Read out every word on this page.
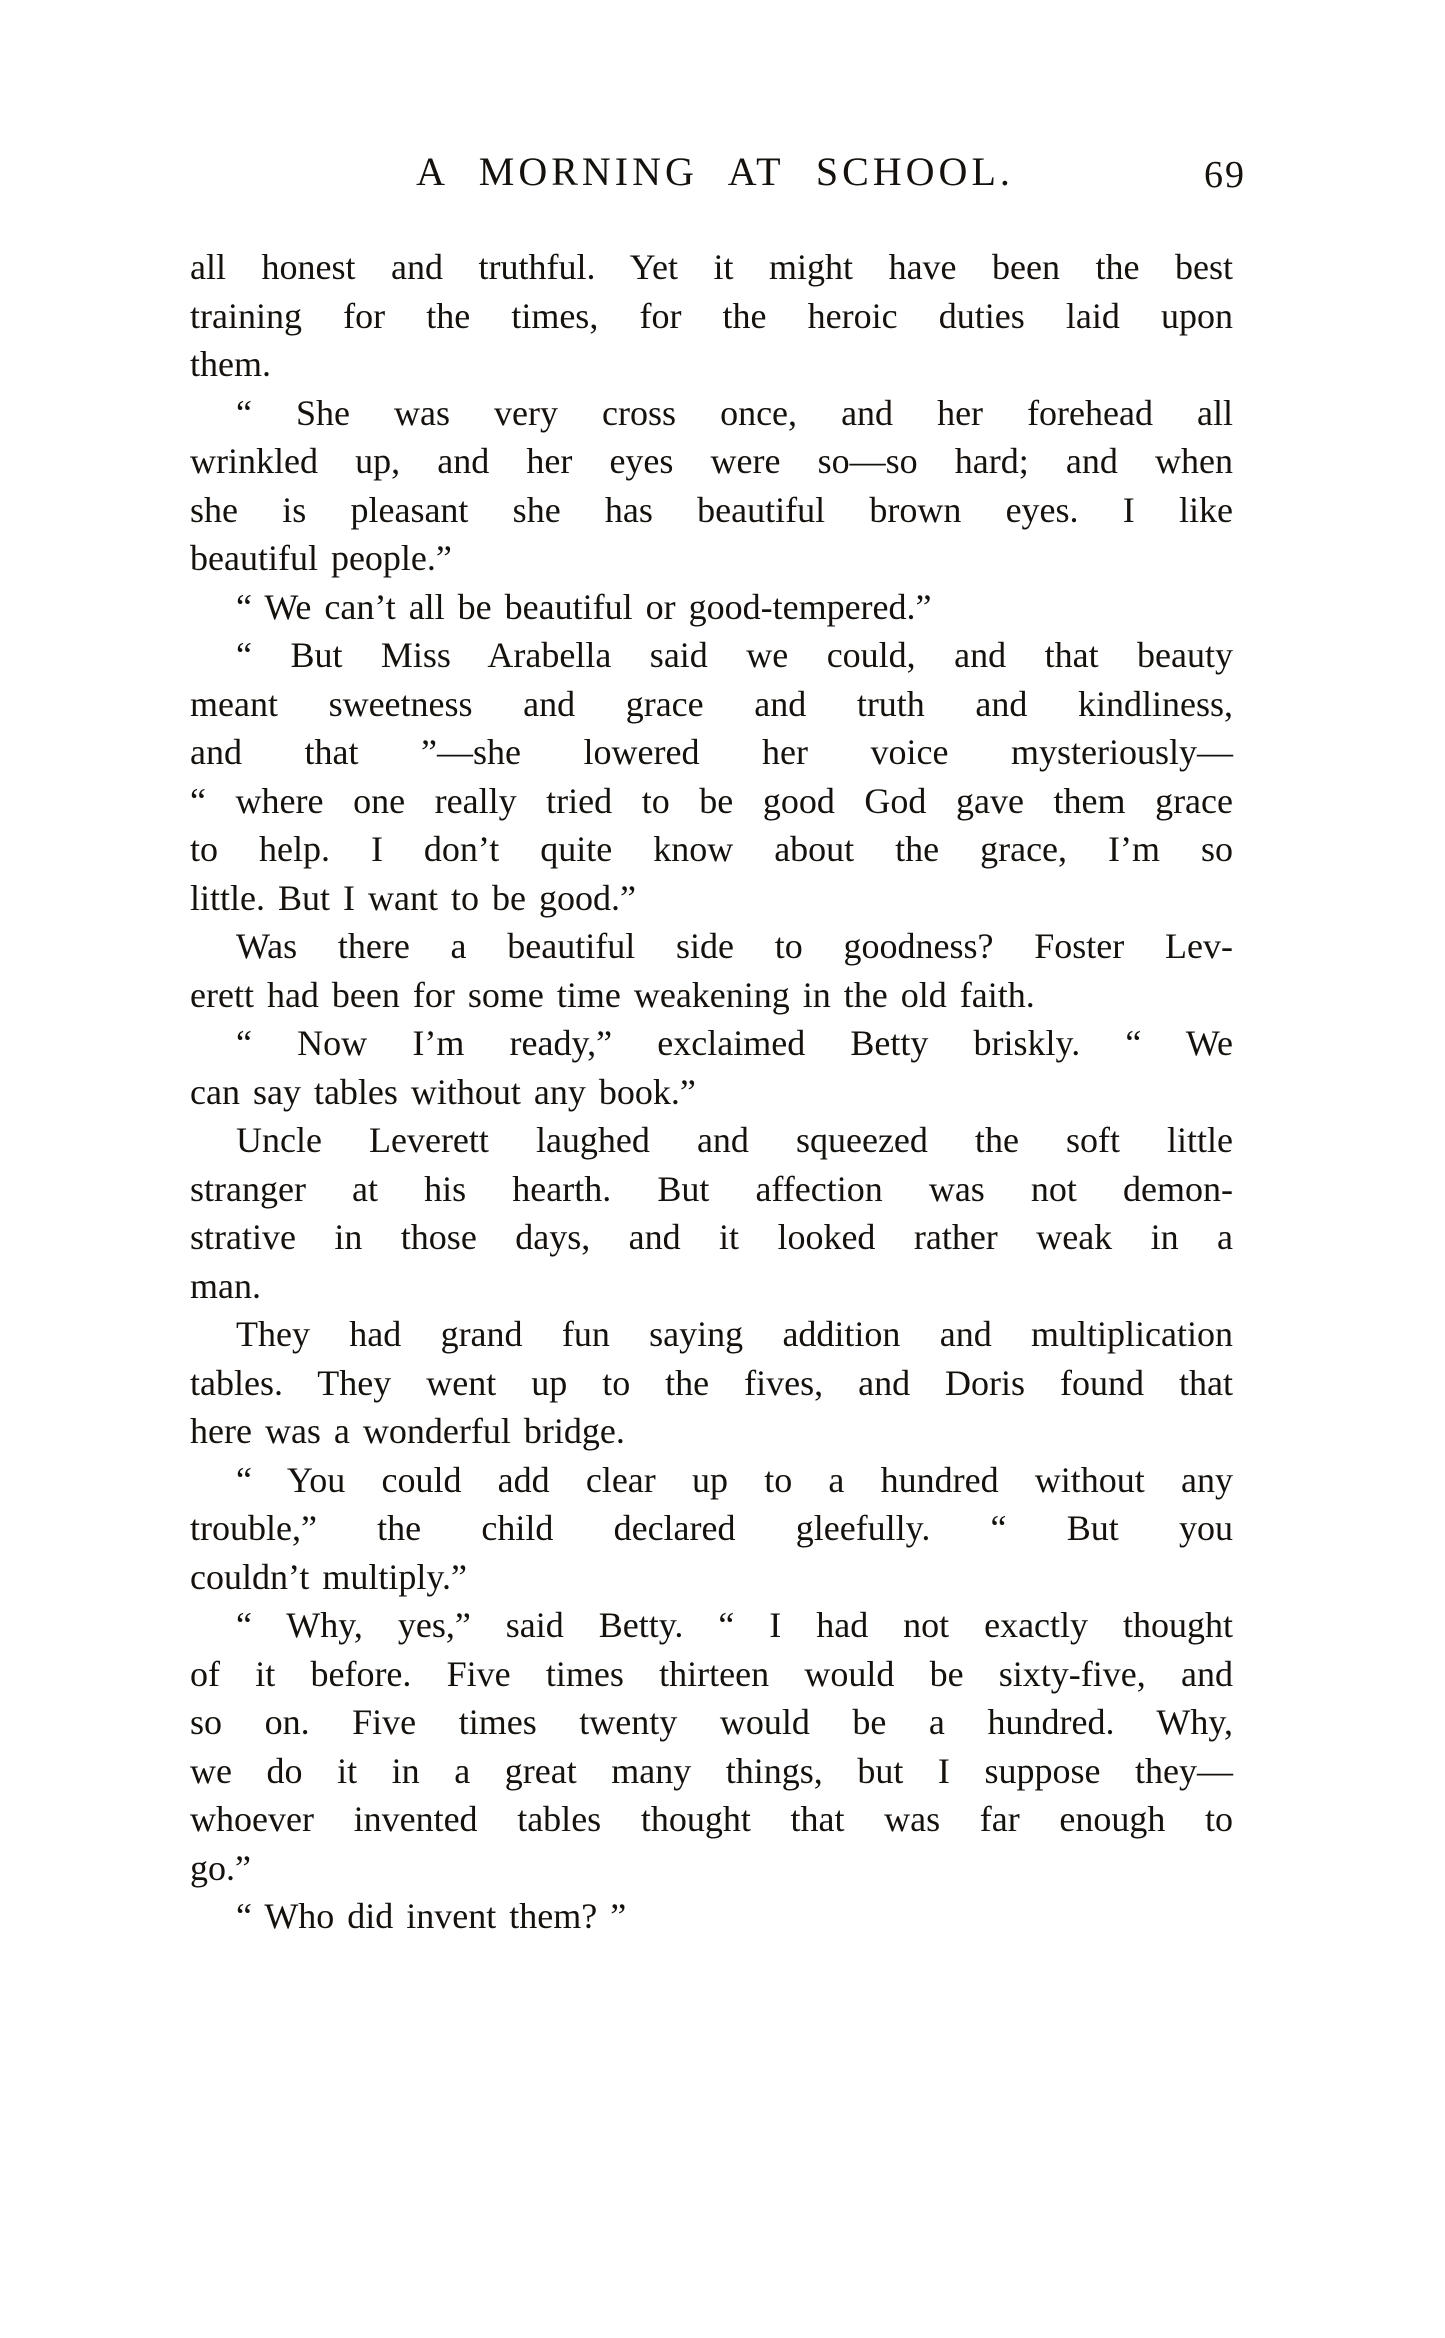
A MORNING AT SCHOOL.	69
all honest and truthful. Yet it might have been the best
training for the times, for the heroic duties laid upon
them.
“ She was very cross once, and her forehead all
wrinkled up, and her eyes were so—so hard; and when
she is pleasant she has beautiful brown eyes. I like
beautiful people.”
“ We can’t all be beautiful or good-tempered.”
“ But Miss Arabella said we could, and that beauty
meant sweetness and grace and truth and kindliness,
and that ”—she lowered her voice mysteriously—
“ where one really tried to be good God gave them grace
to help. I don’t quite know about the grace, I’m so
little. But I want to be good.”
Was there a beautiful side to goodness? Foster Lev-
erett had been for some time weakening in the old faith.
“ Now I’m ready,” exclaimed Betty briskly. “ We
can say tables without any book.”
Uncle Leverett laughed and squeezed the soft little
stranger at his hearth. But affection was not demon-
strative in those days, and it looked rather weak in a
man.
They had grand fun saying addition and multiplication
tables. They went up to the fives, and Doris found that
here was a wonderful bridge.
“ You could add clear up to a hundred without any
trouble,” the child declared gleefully. “ But you
couldn’t multiply.”
“ Why, yes,” said Betty. “ I had not exactly thought
of it before. Five times thirteen would be sixty-five, and
so on. Five times twenty would be a hundred. Why,
we do it in a great many things, but I suppose they—
whoever invented tables thought that was far enough to
go.”
“ Who did invent them? ”
